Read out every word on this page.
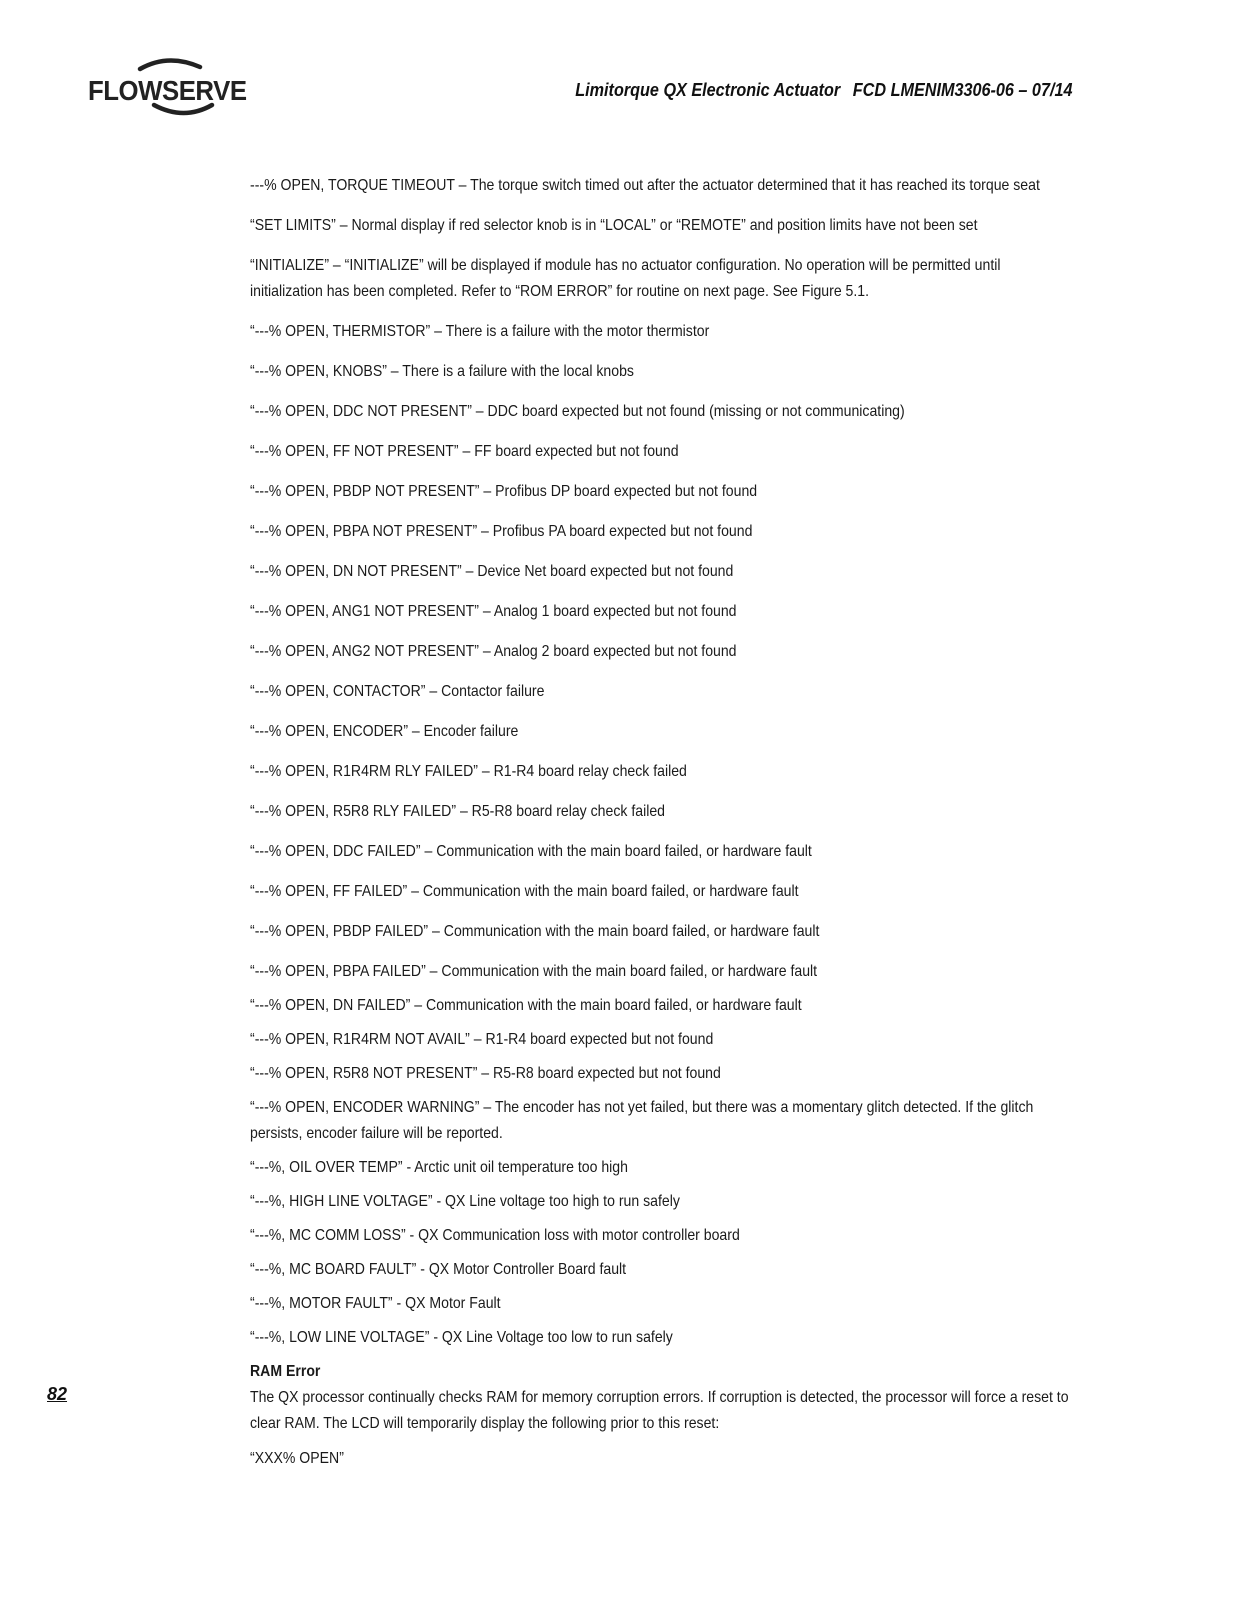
FLOWSERVE	Limitorque QX Electronic Actuator FCD LMENIM3306-06 – 07/14
---% OPEN, TORQUE TIMEOUT – The torque switch timed out after the actuator determined that it has reached its torque seat
“SET LIMITS” – Normal display if red selector knob is in “LOCAL” or “REMOTE” and position limits have not been set
“INITIALIZE” – “INITIALIZE” will be displayed if module has no actuator configuration. No operation will be permitted until initialization has been completed. Refer to “ROM ERROR” for routine on next page. See Figure 5.1.
“---% OPEN, THERMISTOR” – There is a failure with the motor thermistor
“---% OPEN, KNOBS” – There is a failure with the local knobs
“---% OPEN, DDC NOT PRESENT” – DDC board expected but not found (missing or not communicating)
“---% OPEN, FF NOT PRESENT” – FF board expected but not found
“---% OPEN, PBDP NOT PRESENT” – Profibus DP board expected but not found
“---% OPEN, PBPA NOT PRESENT” – Profibus PA board expected but not found
“---% OPEN, DN NOT PRESENT” – Device Net board expected but not found
“---% OPEN, ANG1 NOT PRESENT” – Analog 1 board expected but not found
“---% OPEN, ANG2 NOT PRESENT” – Analog 2 board expected but not found
“---% OPEN, CONTACTOR” – Contactor failure
“---% OPEN, ENCODER” – Encoder failure
“---% OPEN, R1R4RM RLY FAILED” – R1-R4 board relay check failed
“---% OPEN, R5R8 RLY FAILED” – R5-R8 board relay check failed
“---% OPEN, DDC FAILED” – Communication with the main board failed, or hardware fault
“---% OPEN, FF FAILED” – Communication with the main board failed, or hardware fault
“---% OPEN, PBDP FAILED” – Communication with the main board failed, or hardware fault
“---% OPEN, PBPA FAILED” – Communication with the main board failed, or hardware fault
“---% OPEN, DN FAILED” – Communication with the main board failed, or hardware fault
“---% OPEN, R1R4RM NOT AVAIL” – R1-R4 board expected but not found
“---% OPEN, R5R8 NOT PRESENT” – R5-R8 board expected but not found
“---% OPEN, ENCODER WARNING” – The encoder has not yet failed, but there was a momentary glitch detected. If the glitch persists, encoder failure will be reported.
“---%, OIL OVER TEMP” - Arctic unit oil temperature too high
“---%, HIGH LINE VOLTAGE” - QX Line voltage too high to run safely
“---%, MC COMM LOSS” - QX Communication loss with motor controller board
“---%, MC BOARD FAULT” - QX Motor Controller Board fault
“---%, MOTOR FAULT” - QX Motor Fault
“---%, LOW LINE VOLTAGE” - QX Line Voltage too low to run safely
RAM Error
The QX processor continually checks RAM for memory corruption errors. If corruption is detected, the processor will force a reset to clear RAM. The LCD will temporarily display the following prior to this reset:
“XXX% OPEN”
82
